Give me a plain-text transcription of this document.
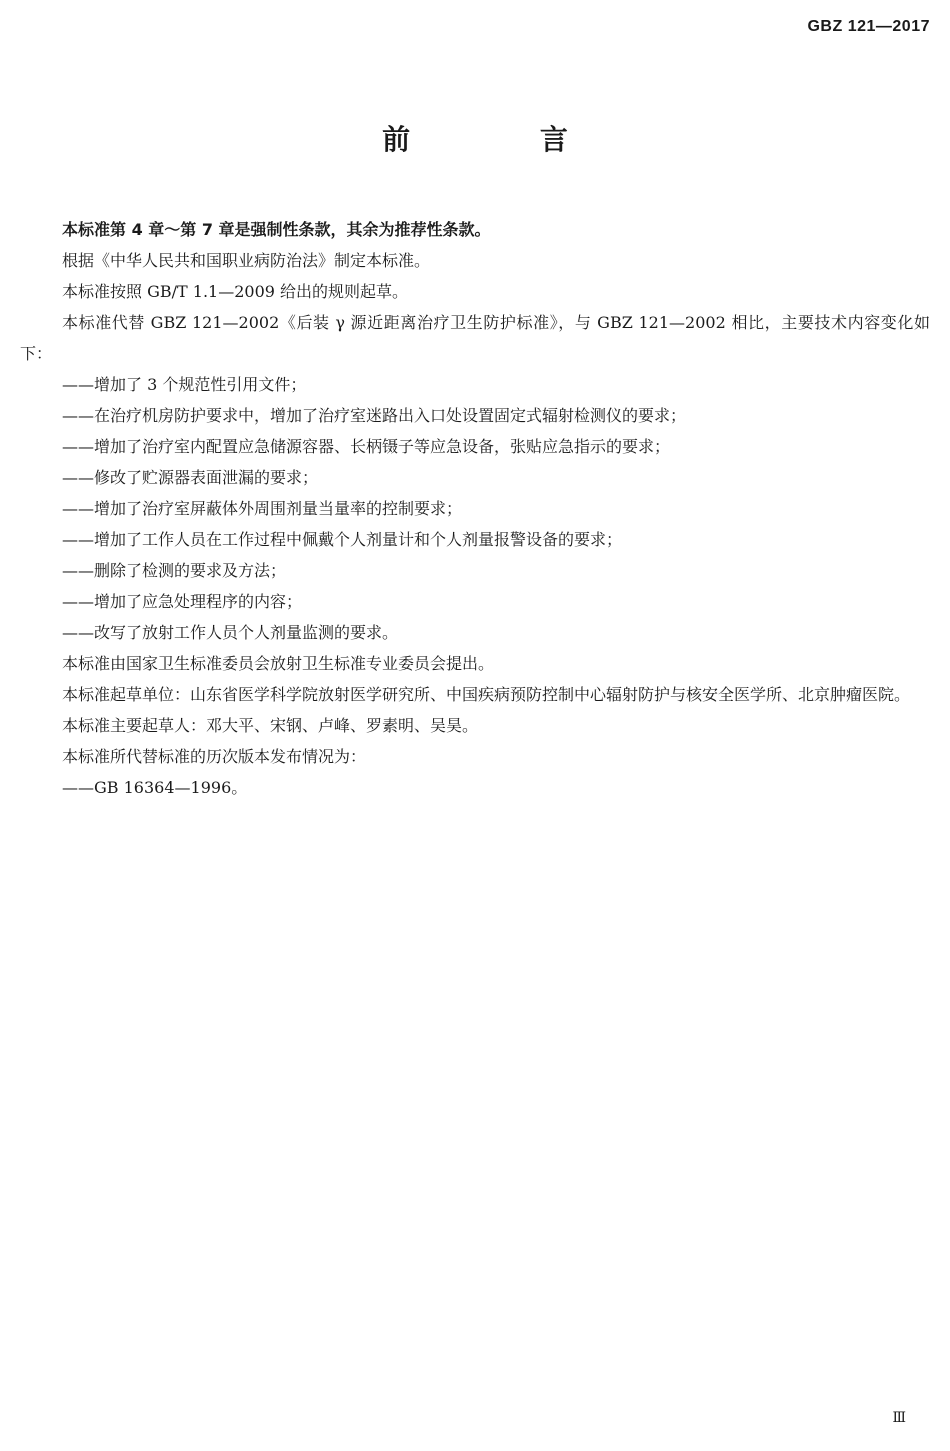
GBZ 121—2017
前 言

本标准第 4 章～第 7 章是强制性条款，其余为推荐性条款。

根据《中华人民共和国职业病防治法》制定本标准。

本标准按照 GB/T 1.1—2009 给出的规则起草。

本标准代替 GBZ 121—2002《后装 γ 源近距离治疗卫生防护标准》，与 GBZ 121—2002 相比，主要技术内容变化如下：

——增加了 3 个规范性引用文件；

——在治疗机房防护要求中，增加了治疗室迷路出入口处设置固定式辐射检测仪的要求；

——增加了治疗室内配置应急储源容器、长柄镊子等应急设备，张贴应急指示的要求；

——修改了贮源器表面泄漏的要求；

——增加了治疗室屏蔽体外周围剂量当量率的控制要求；

——增加了工作人员在工作过程中佩戴个人剂量计和个人剂量报警设备的要求；

——删除了检测的要求及方法；

——增加了应急处理程序的内容；

——改写了放射工作人员个人剂量监测的要求。

本标准由国家卫生标准委员会放射卫生标准专业委员会提出。

本标准起草单位：山东省医学科学院放射医学研究所、中国疾病预防控制中心辐射防护与核安全医学所、北京肿瘤医院。

本标准主要起草人：邓大平、宋钢、卢峰、罗素明、吴昊。

本标准所代替标准的历次版本发布情况为：

——GB 16364—1996。

Ⅲ
